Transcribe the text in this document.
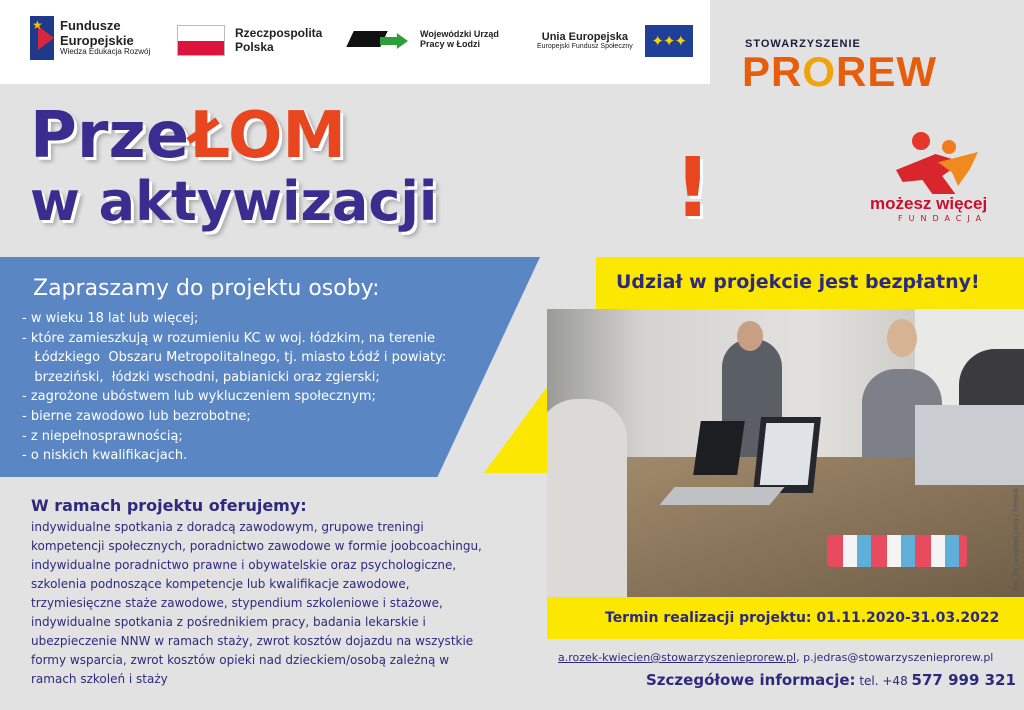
★ Fundusze
Europejskie
Wiedza Edukacja Rozwój
Rzeczpospolita
Polska
Wojewódzki Urząd
Pracy w Łodzi
Unia Europejska
Europejski Fundusz Społeczny	✦✦✦	STOWARZYSZENIE
PROREW
PrzeŁOM
w aktywizacji	!	możesz więcej
FUNDACJA
Zapraszamy do projektu osoby:
- w wieku 18 lat lub więcej;
- które zamieszkują w rozumieniu KC w woj. łódzkim, na terenie
Łódzkiego  Obszaru Metropolitalnego, tj. miasto Łódź i powiaty:
brzeziński,  łódzki wschodni, pabianicki oraz zgierski;
- zagrożone ubóstwem lub wykluczeniem społecznym;
- bierne zawodowo lub bezrobotne;
- z niepełnosprawnością;
- o niskich kwalifikacjach.
W ramach projektu oferujemy:
indywidualne spotkania z doradcą zawodowym, grupowe treningi
kompetencji społecznych, poradnictwo zawodowe w formie joobcoachingu,
indywidualne poradnictwo prawne i obywatelskie oraz psychologiczne,
szkolenia podnoszące kompetencje lub kwalifikacje zawodowe,
trzymiesięczne staże zawodowe, stypendium szkoleniowe i stażowe,
indywidualne spotkania z pośrednikiem pracy, badania lekarskie i
ubezpieczenie NNW w ramach staży, zwrot kosztów dojazdu na wszystkie
formy wsparcia, zwrot kosztów opieki nad dzieckiem/osobą zależną w
ramach szkoleń i staży
Udział w projekcie jest bezpłatny!
fot. by rawpixel.com / freepik
Termin realizacji projektu: 01.11.2020-31.03.2022
a.rozek-kwiecien@stowarzyszenieprorew.pl, p.jedras@stowarzyszenieprorew.pl
Szczegółowe informacje: tel. +48 577 999 321
